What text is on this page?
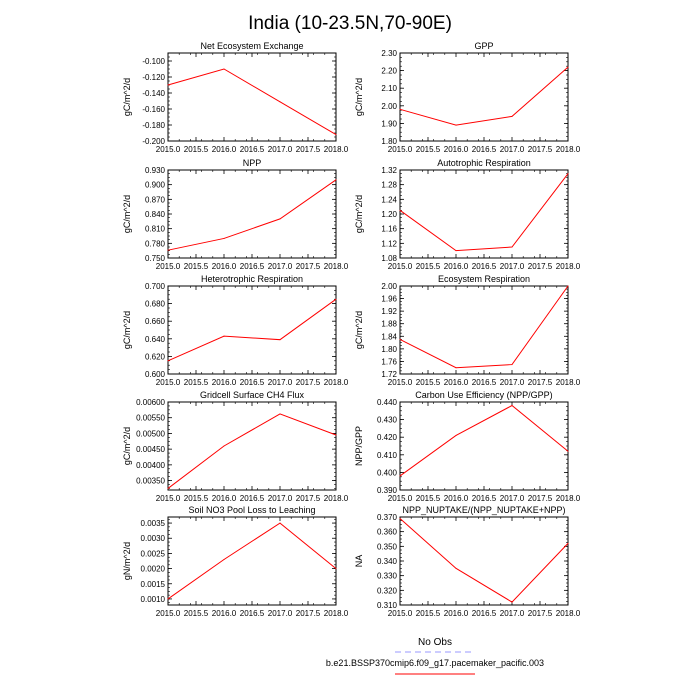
India (10-23.5N,70-90E)
Net Ecosystem Exchange
2015.0 2015.5 2016.0 2016.5 2017.0 2017.5 2018.0
-0.200
-0.180
-0.160
-0.140
-0.120
-0.100
gC/m^2/d
GPP
2015.0 2015.5 2016.0 2016.5 2017.0 2017.5 2018.0
1.80
1.90
2.00
2.10
2.20
2.30
gC/m^2/d
NPP
2015.0 2015.5 2016.0 2016.5 2017.0 2017.5 2018.0
0.750
0.780
0.810
0.840
0.870
0.900
0.930
gC/m^2/d
Autotrophic Respiration
2015.0 2015.5 2016.0 2016.5 2017.0 2017.5 2018.0
1.08
1.12
1.16
1.20
1.24
1.28
1.32
gC/m^2/d
Heterotrophic Respiration
2015.0 2015.5 2016.0 2016.5 2017.0 2017.5 2018.0
0.600
0.620
0.640
0.660
0.680
0.700
gC/m^2/d
Ecosystem Respiration
2015.0 2015.5 2016.0 2016.5 2017.0 2017.5 2018.0
1.72
1.76
1.80
1.84
1.88
1.92
1.96
2.00
gC/m^2/d
Gridcell Surface CH4 Flux
2015.0 2015.5 2016.0 2016.5 2017.0 2017.5 2018.0
0.00350
0.00400
0.00450
0.00500
0.00550
0.00600
gC/m^2/d
Carbon Use Efficiency (NPP/GPP)
2015.0 2015.5 2016.0 2016.5 2017.0 2017.5 2018.0
0.390
0.400
0.410
0.420
0.430
0.440
NPP/GPP
Soil NO3 Pool Loss to Leaching
2015.0 2015.5 2016.0 2016.5 2017.0 2017.5 2018.0
0.0010
0.0015
0.0020
0.0025
0.0030
0.0035
gN/m^2/d
NPP_NUPTAKE/(NPP_NUPTAKE+NPP)
2015.0 2015.5 2016.0 2016.5 2017.0 2017.5 2018.0
0.310
0.320
0.330
0.340
0.350
0.360
0.370
NA
No Obs
b.e21.BSSP370cmip6.f09_g17.pacemaker_pacific.003
